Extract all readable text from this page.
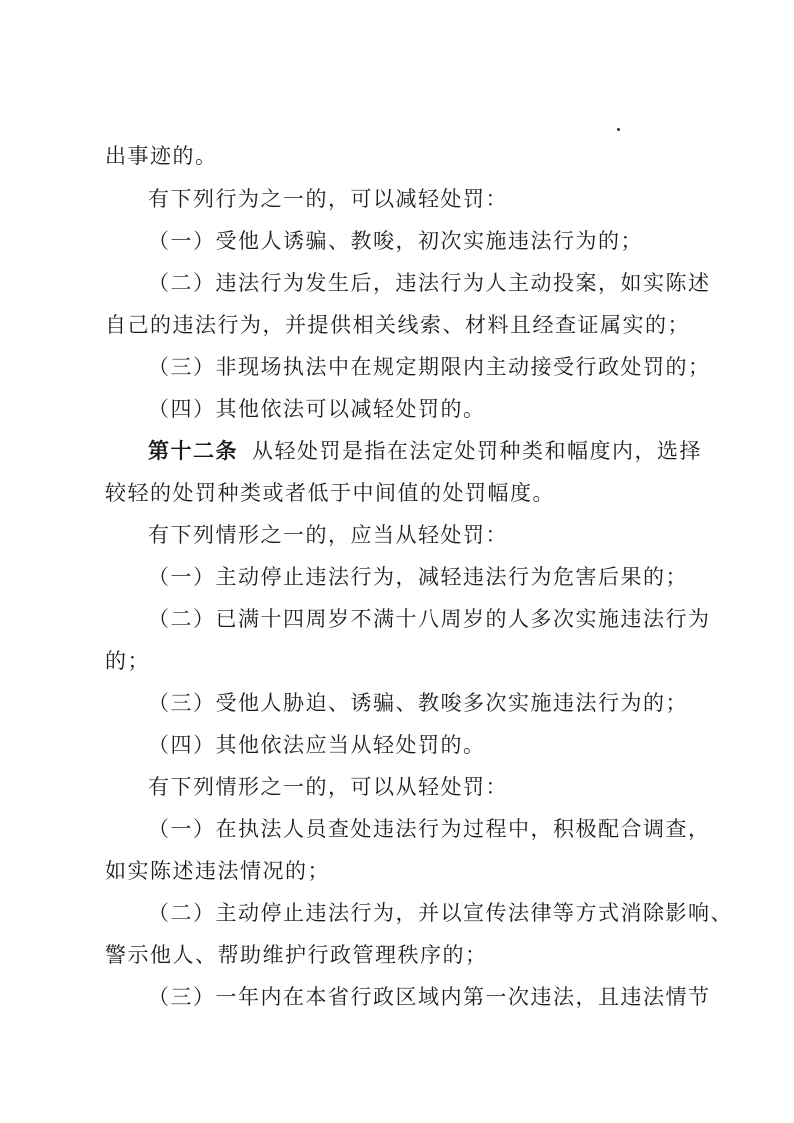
出事迹的。
有下列行为之一的，可以减轻处罚：
（一）受他人诱骗、教唆，初次实施违法行为的；
（二）违法行为发生后，违法行为人主动投案，如实陈述
自己的违法行为，并提供相关线索、材料且经查证属实的；
（三）非现场执法中在规定期限内主动接受行政处罚的；
（四）其他依法可以减轻处罚的。
第十二条 从轻处罚是指在法定处罚种类和幅度内，选择
较轻的处罚种类或者低于中间值的处罚幅度。
有下列情形之一的，应当从轻处罚：
（一）主动停止违法行为，减轻违法行为危害后果的；
（二）已满十四周岁不满十八周岁的人多次实施违法行为
的；
（三）受他人胁迫、诱骗、教唆多次实施违法行为的；
（四）其他依法应当从轻处罚的。
有下列情形之一的，可以从轻处罚：
（一）在执法人员查处违法行为过程中，积极配合调查，
如实陈述违法情况的；
（二）主动停止违法行为，并以宣传法律等方式消除影响、
警示他人、帮助维护行政管理秩序的；
（三）一年内在本省行政区域内第一次违法，且违法情节
